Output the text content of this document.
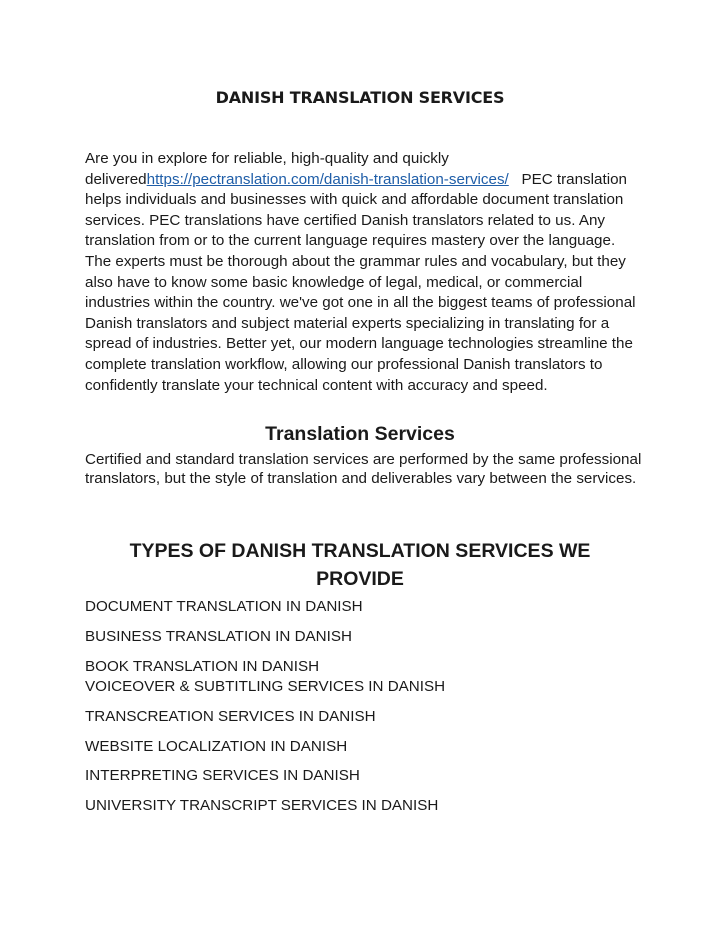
DANISH TRANSLATION SERVICES

Are you in explore for reliable, high-quality and quickly deliveredhttps://pectranslation.com/danish-translation-services/   PEC translation helps individuals and businesses with quick and affordable document translation services. PEC translations have certified Danish translators related to us. Any translation from or to the current language requires mastery over the language. The experts must be thorough about the grammar rules and vocabulary, but they also have to know some basic knowledge of legal, medical, or commercial industries within the country. we've got one in all the biggest teams of professional Danish translators and subject material experts specializing in translating for a spread of industries. Better yet, our modern language technologies streamline the complete translation workflow, allowing our professional Danish translators to confidently translate your technical content with accuracy and speed.

Translation Services

Certified and standard translation services are performed by the same professional translators, but the style of translation and deliverables vary between the services.

TYPES OF DANISH TRANSLATION SERVICES WE PROVIDE

DOCUMENT TRANSLATION IN DANISH

BUSINESS TRANSLATION IN DANISH

BOOK TRANSLATION IN DANISH

VOICEOVER & SUBTITLING SERVICES IN DANISH

TRANSCREATION SERVICES IN DANISH

WEBSITE LOCALIZATION IN DANISH

INTERPRETING SERVICES IN DANISH

UNIVERSITY TRANSCRIPT SERVICES IN DANISH
